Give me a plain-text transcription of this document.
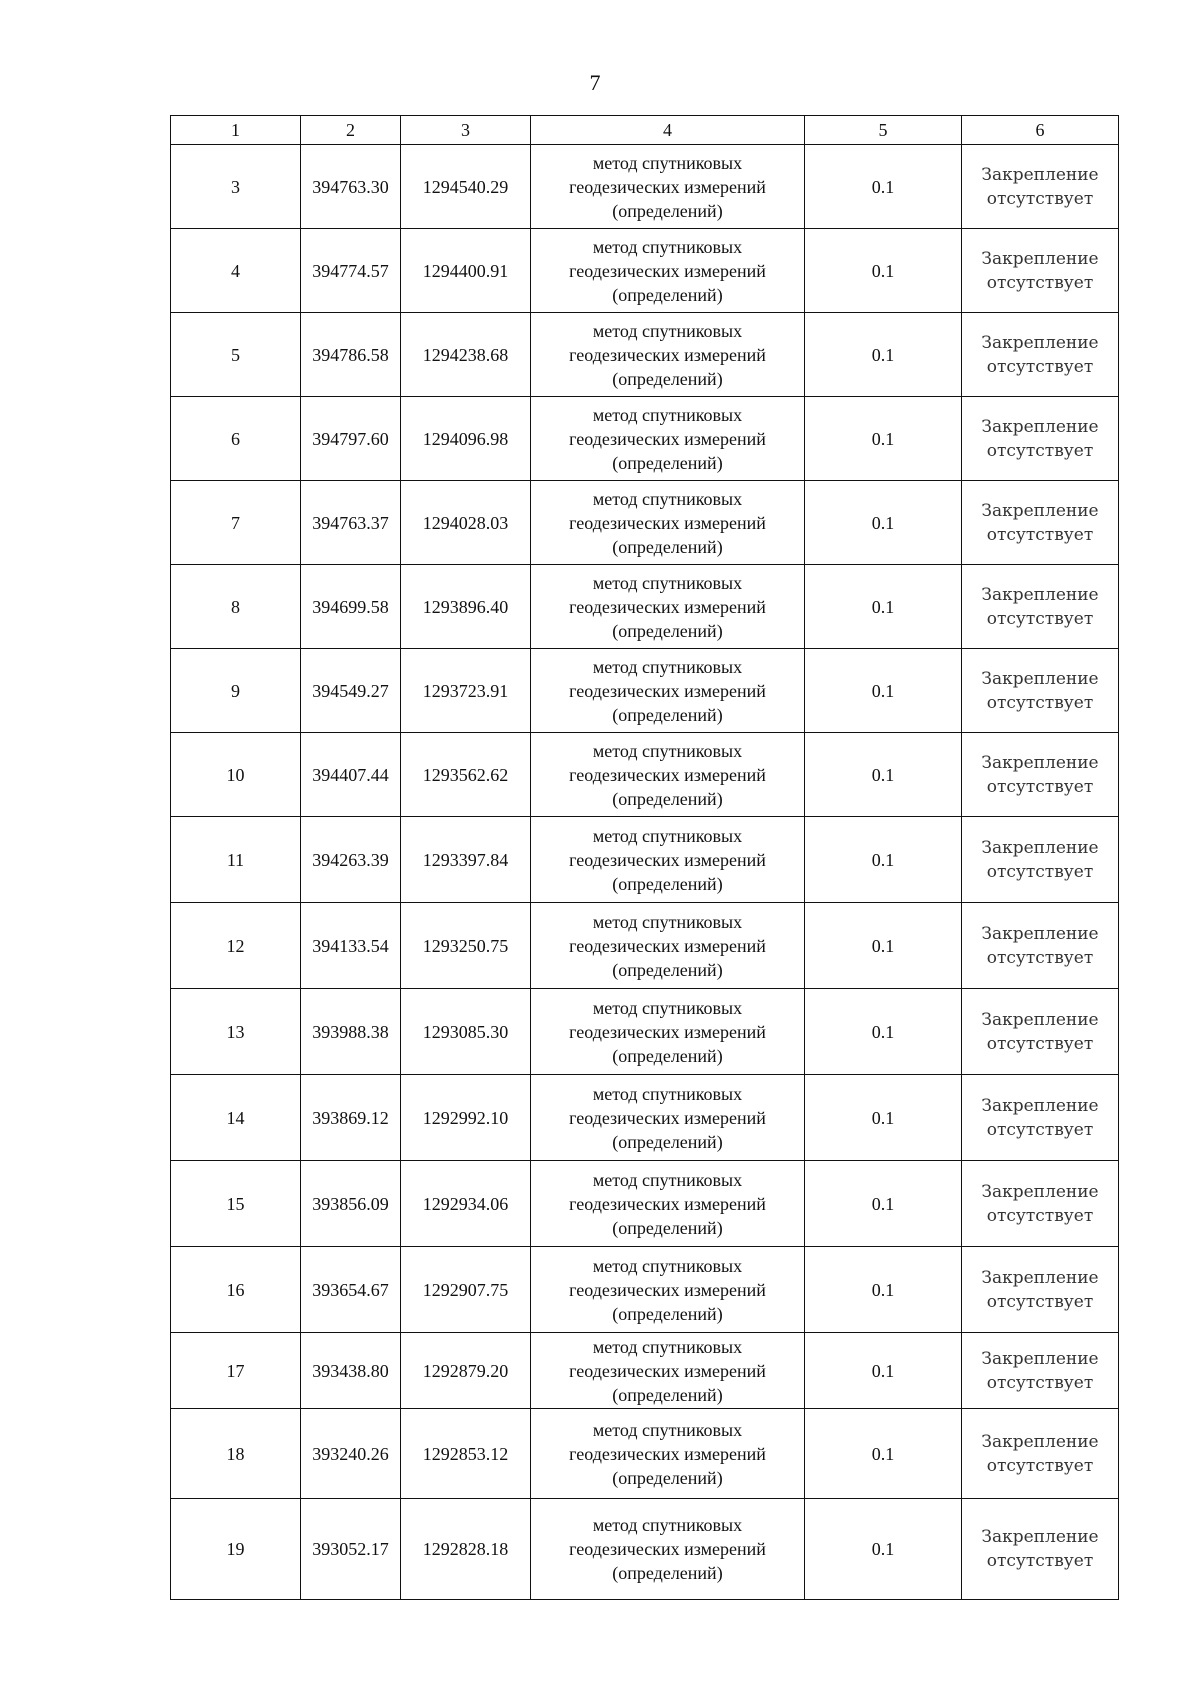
7
1	2	3	4	5	6
3	394763.30	1294540.29	метод спутниковых
геодезических измерений
(определений)	0.1	Закрепление
отсутствует
4	394774.57	1294400.91	метод спутниковых
геодезических измерений
(определений)	0.1	Закрепление
отсутствует
5	394786.58	1294238.68	метод спутниковых
геодезических измерений
(определений)	0.1	Закрепление
отсутствует
6	394797.60	1294096.98	метод спутниковых
геодезических измерений
(определений)	0.1	Закрепление
отсутствует
7	394763.37	1294028.03	метод спутниковых
геодезических измерений
(определений)	0.1	Закрепление
отсутствует
8	394699.58	1293896.40	метод спутниковых
геодезических измерений
(определений)	0.1	Закрепление
отсутствует
9	394549.27	1293723.91	метод спутниковых
геодезических измерений
(определений)	0.1	Закрепление
отсутствует
10	394407.44	1293562.62	метод спутниковых
геодезических измерений
(определений)	0.1	Закрепление
отсутствует
11	394263.39	1293397.84	метод спутниковых
геодезических измерений
(определений)	0.1	Закрепление
отсутствует
12	394133.54	1293250.75	метод спутниковых
геодезических измерений
(определений)	0.1	Закрепление
отсутствует
13	393988.38	1293085.30	метод спутниковых
геодезических измерений
(определений)	0.1	Закрепление
отсутствует
14	393869.12	1292992.10	метод спутниковых
геодезических измерений
(определений)	0.1	Закрепление
отсутствует
15	393856.09	1292934.06	метод спутниковых
геодезических измерений
(определений)	0.1	Закрепление
отсутствует
16	393654.67	1292907.75	метод спутниковых
геодезических измерений
(определений)	0.1	Закрепление
отсутствует
17	393438.80	1292879.20	метод спутниковых
геодезических измерений
(определений)	0.1	Закрепление
отсутствует
18	393240.26	1292853.12	метод спутниковых
геодезических измерений
(определений)	0.1	Закрепление
отсутствует
19	393052.17	1292828.18	метод спутниковых
геодезических измерений
(определений)	0.1	Закрепление
отсутствует
